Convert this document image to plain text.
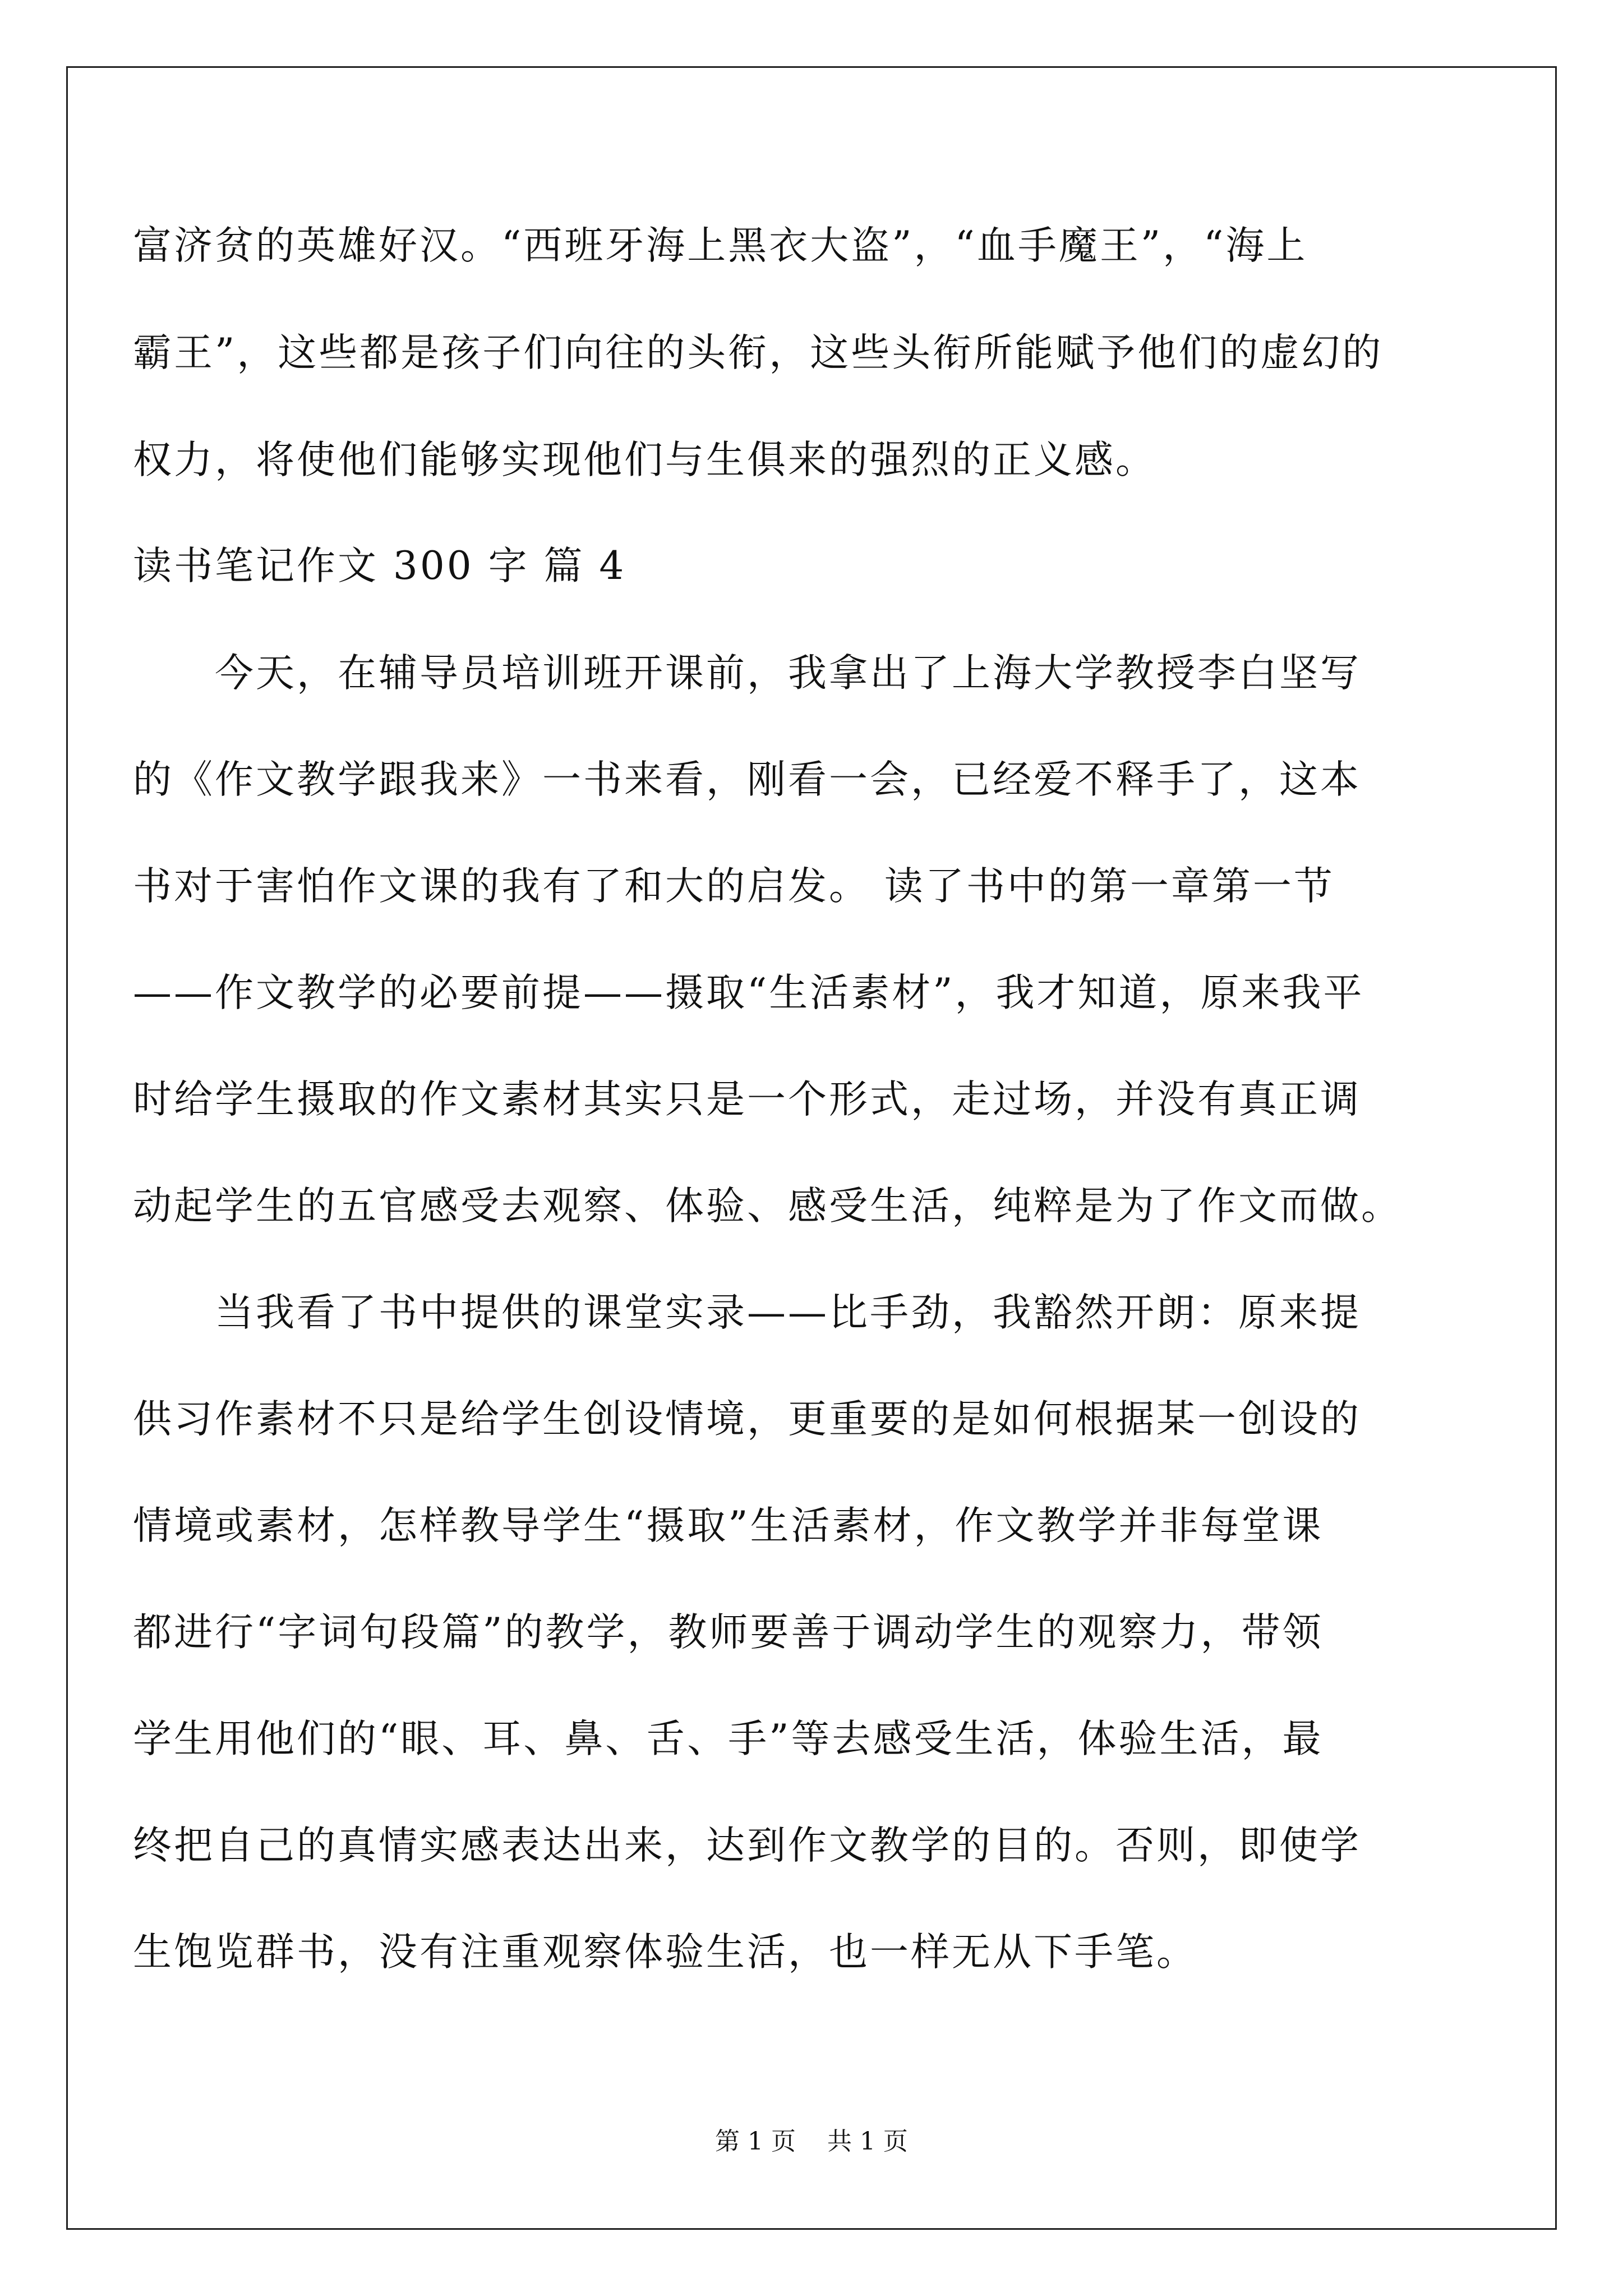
富济贫的英雄好汉。“西班牙海上黑衣大盗”，“血手魔王”，“海上
霸王”，这些都是孩子们向往的头衔，这些头衔所能赋予他们的虚幻的
权力，将使他们能够实现他们与生俱来的强烈的正义感。
读书笔记作文 300 字 篇 4
　　今天，在辅导员培训班开课前，我拿出了上海大学教授李白坚写
的《作文教学跟我来》一书来看，刚看一会，已经爱不释手了，这本
书对于害怕作文课的我有了和大的启发。 读了书中的第一章第一节
——作文教学的必要前提——摄取“生活素材”，我才知道，原来我平
时给学生摄取的作文素材其实只是一个形式，走过场，并没有真正调
动起学生的五官感受去观察、体验、感受生活，纯粹是为了作文而做。
　　当我看了书中提供的课堂实录——比手劲，我豁然开朗：原来提
供习作素材不只是给学生创设情境，更重要的是如何根据某一创设的
情境或素材，怎样教导学生“摄取”生活素材，作文教学并非每堂课
都进行“字词句段篇”的教学，教师要善于调动学生的观察力，带领
学生用他们的“眼、耳、鼻、舌、手”等去感受生活，体验生活，最
终把自己的真情实感表达出来，达到作文教学的目的。否则，即使学
生饱览群书，没有注重观察体验生活，也一样无从下手笔。
第 1 页    共 1 页
